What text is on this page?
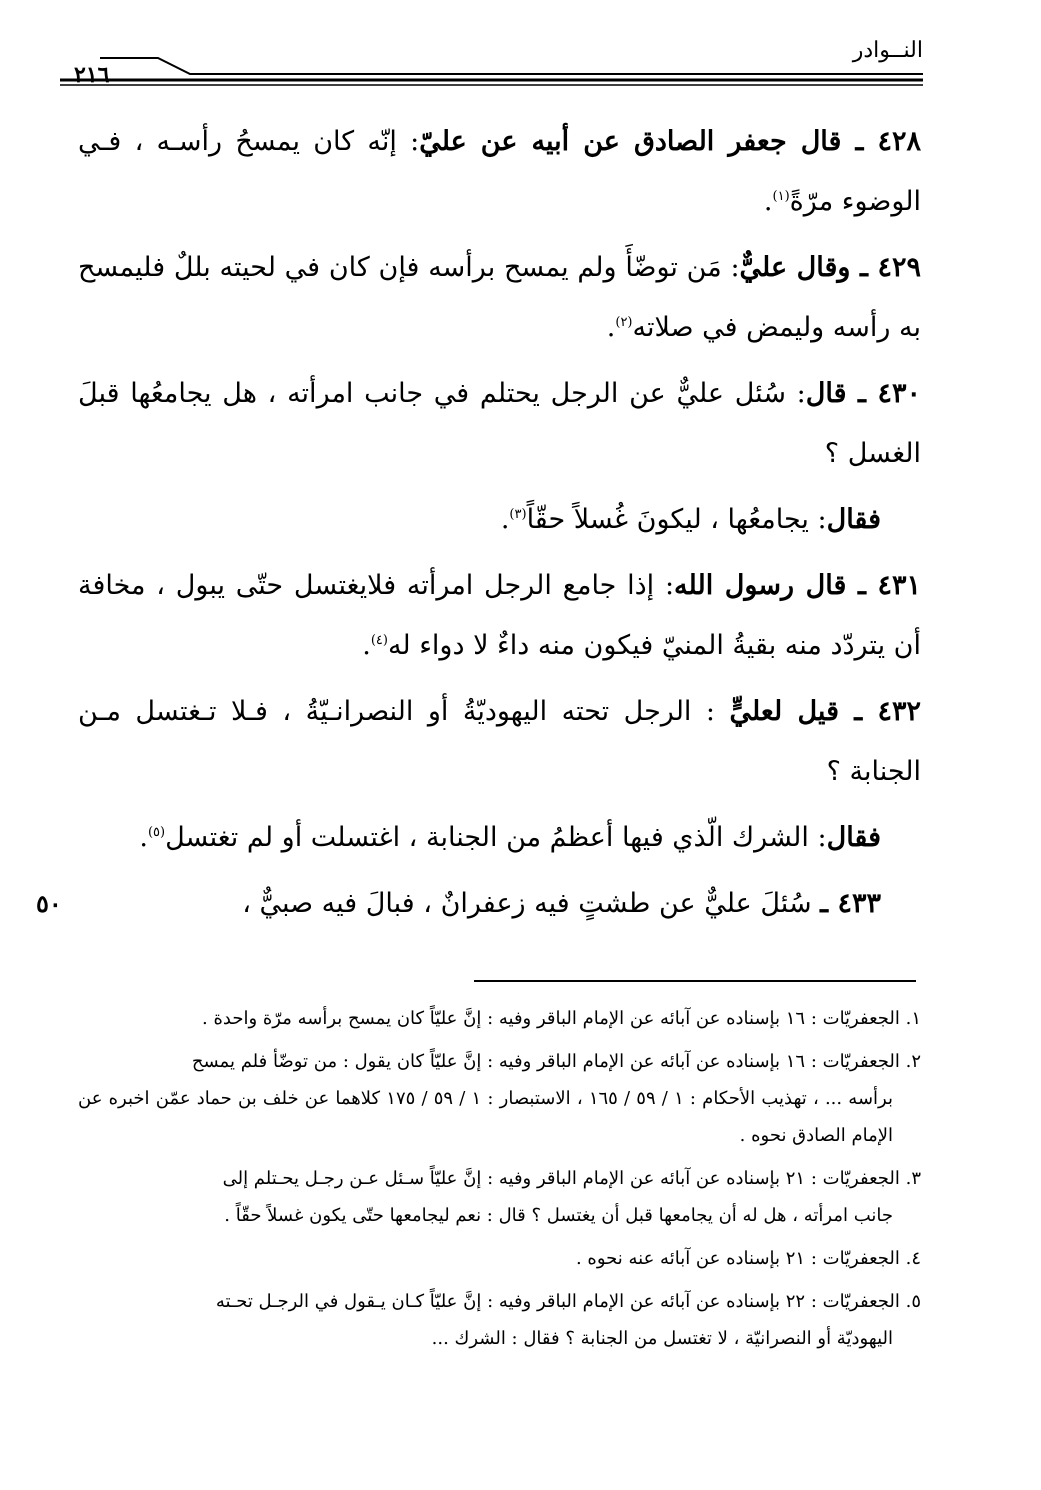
النــوادر
٢١٦

٤٢٨ ـ قال جعفر الصادق عن أبيه عن عليّ: إنّه كان يمسحُ رأسـه ، فـي الوضوء مرّةً$^{(١)}$.

٤٢٩ ـ وقال عليٌّ: مَن توضّأَ ولم يمسح برأسه فإن كان في لحيته بللٌ فليمسح به رأسه وليمض في صلاته$^{(٢)}$.

٤٣٠ ـ قال: سُئل عليٌّ عن الرجل يحتلم في جانب امرأته ، هل يجامعُها قبلَ الغسل ؟

فقال: يجامعُها ، ليكونَ غُسلاً حقّاً$^{(٣)}$.

٤٣١ ـ قال رسول الله: إذا جامع الرجل امرأته فلايغتسل حتّى يبول ، مخافة أن يتردّد منه بقيةُ المنيّ فيكون منه داءٌ لا دواء له$^{(٤)}$.

٤٣٢ ـ قيل لعليٍّ : الرجل تحته اليهوديّةُ أو النصرانـيّةُ ، فـلا تـغتسل مـن الجنابة ؟

فقال: الشرك الّذي فيها أعظمُ من الجنابة ، اغتسلت أو لم تغتسل$^{(٥)}$.

٤٣٣ ـ سُئلَ عليٌّ عن طشتٍ فيه زعفرانٌ ، فبالَ فيه صبيٌّ ،
٥٠

١. الجعفريّات : ١٦ بإسناده عن آبائه عن الإمام الباقر وفيه : إنَّ عليّاً كان يمسح برأسه مرّة واحدة .
٢. الجعفريّات : ١٦ بإسناده عن آبائه عن الإمام الباقر وفيه : إنَّ عليّاً كان يقول : من توضّأ فلم يمسح
برأسه ... ، تهذيب الأحكام : ١ / ٥٩ / ١٦٥ ، الاستبصار : ١ / ٥٩ / ١٧٥ كلاهما عن خلف بن حماد عمّن اخبره عن الإمام الصادق نحوه .
٣. الجعفريّات : ٢١ بإسناده عن آبائه عن الإمام الباقر وفيه : إنَّ عليّاً سـئل عـن رجـل يحـتلم إلى
جانب امرأته ، هل له أن يجامعها قبل أن يغتسل ؟ قال : نعم ليجامعها حتّى يكون غسلاً حقّاً .
٤. الجعفريّات : ٢١ بإسناده عن آبائه عنه نحوه .
٥. الجعفريّات : ٢٢ بإسناده عن آبائه عن الإمام الباقر وفيه : إنَّ عليّاً كـان يـقول في الرجـل تحـته
اليهوديّة أو النصرانيّة ، لا تغتسل من الجنابة ؟ فقال : الشرك ...
